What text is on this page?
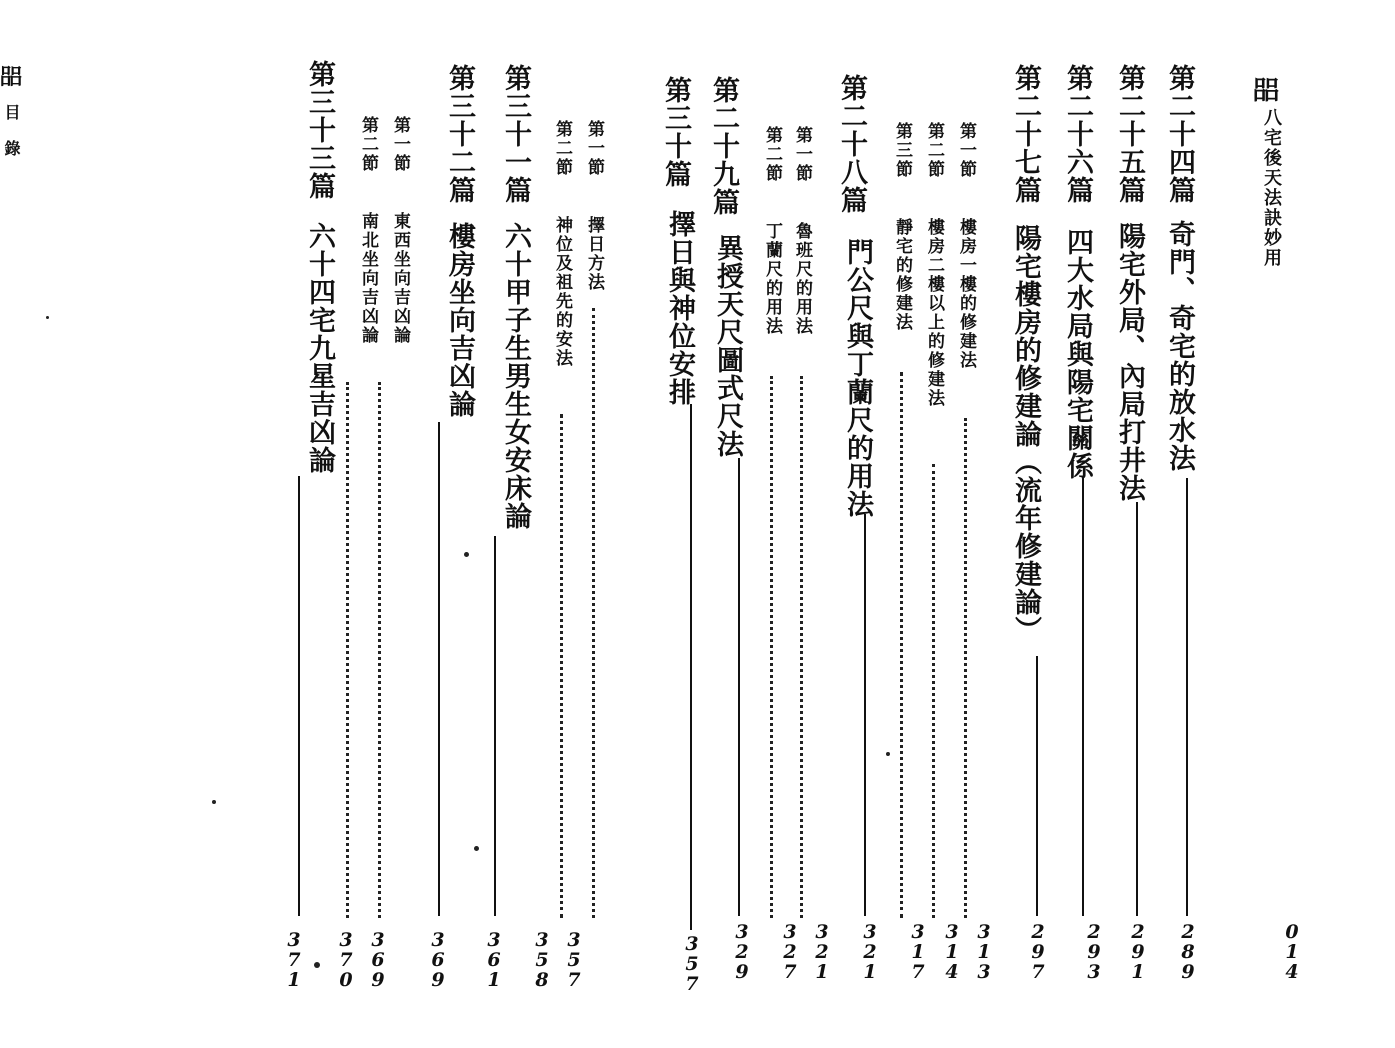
㗊
目
錄
㗊
八宅後天法訣妙用
014
第二十四篇
奇門、奇宅的放水法
289
第二十五篇
陽宅外局、內局打井法
291
第二十六篇
四大水局與陽宅關係
293
第二十七篇
陽宅樓房的修建論（流年修建論）
297
第一節
樓房一樓的修建法
313
第二節
樓房二樓以上的修建法
314
第三節
靜宅的修建法
317
第二十八篇
門公尺與丁蘭尺的用法
321
第一節
魯班尺的用法
321
第二節
丁蘭尺的用法
327
第二十九篇
異授天尺圖式尺法
329
第三十篇
擇日與神位安排
357
第一節
擇日方法
357
第二節
神位及祖先的安法
358
第三十一篇
六十甲子生男生女安床論
361
第三十二篇
樓房坐向吉凶論
369
第一節
東西坐向吉凶論
369
第二節
南北坐向吉凶論
370
第三十三篇
六十四宅九星吉凶論
371
